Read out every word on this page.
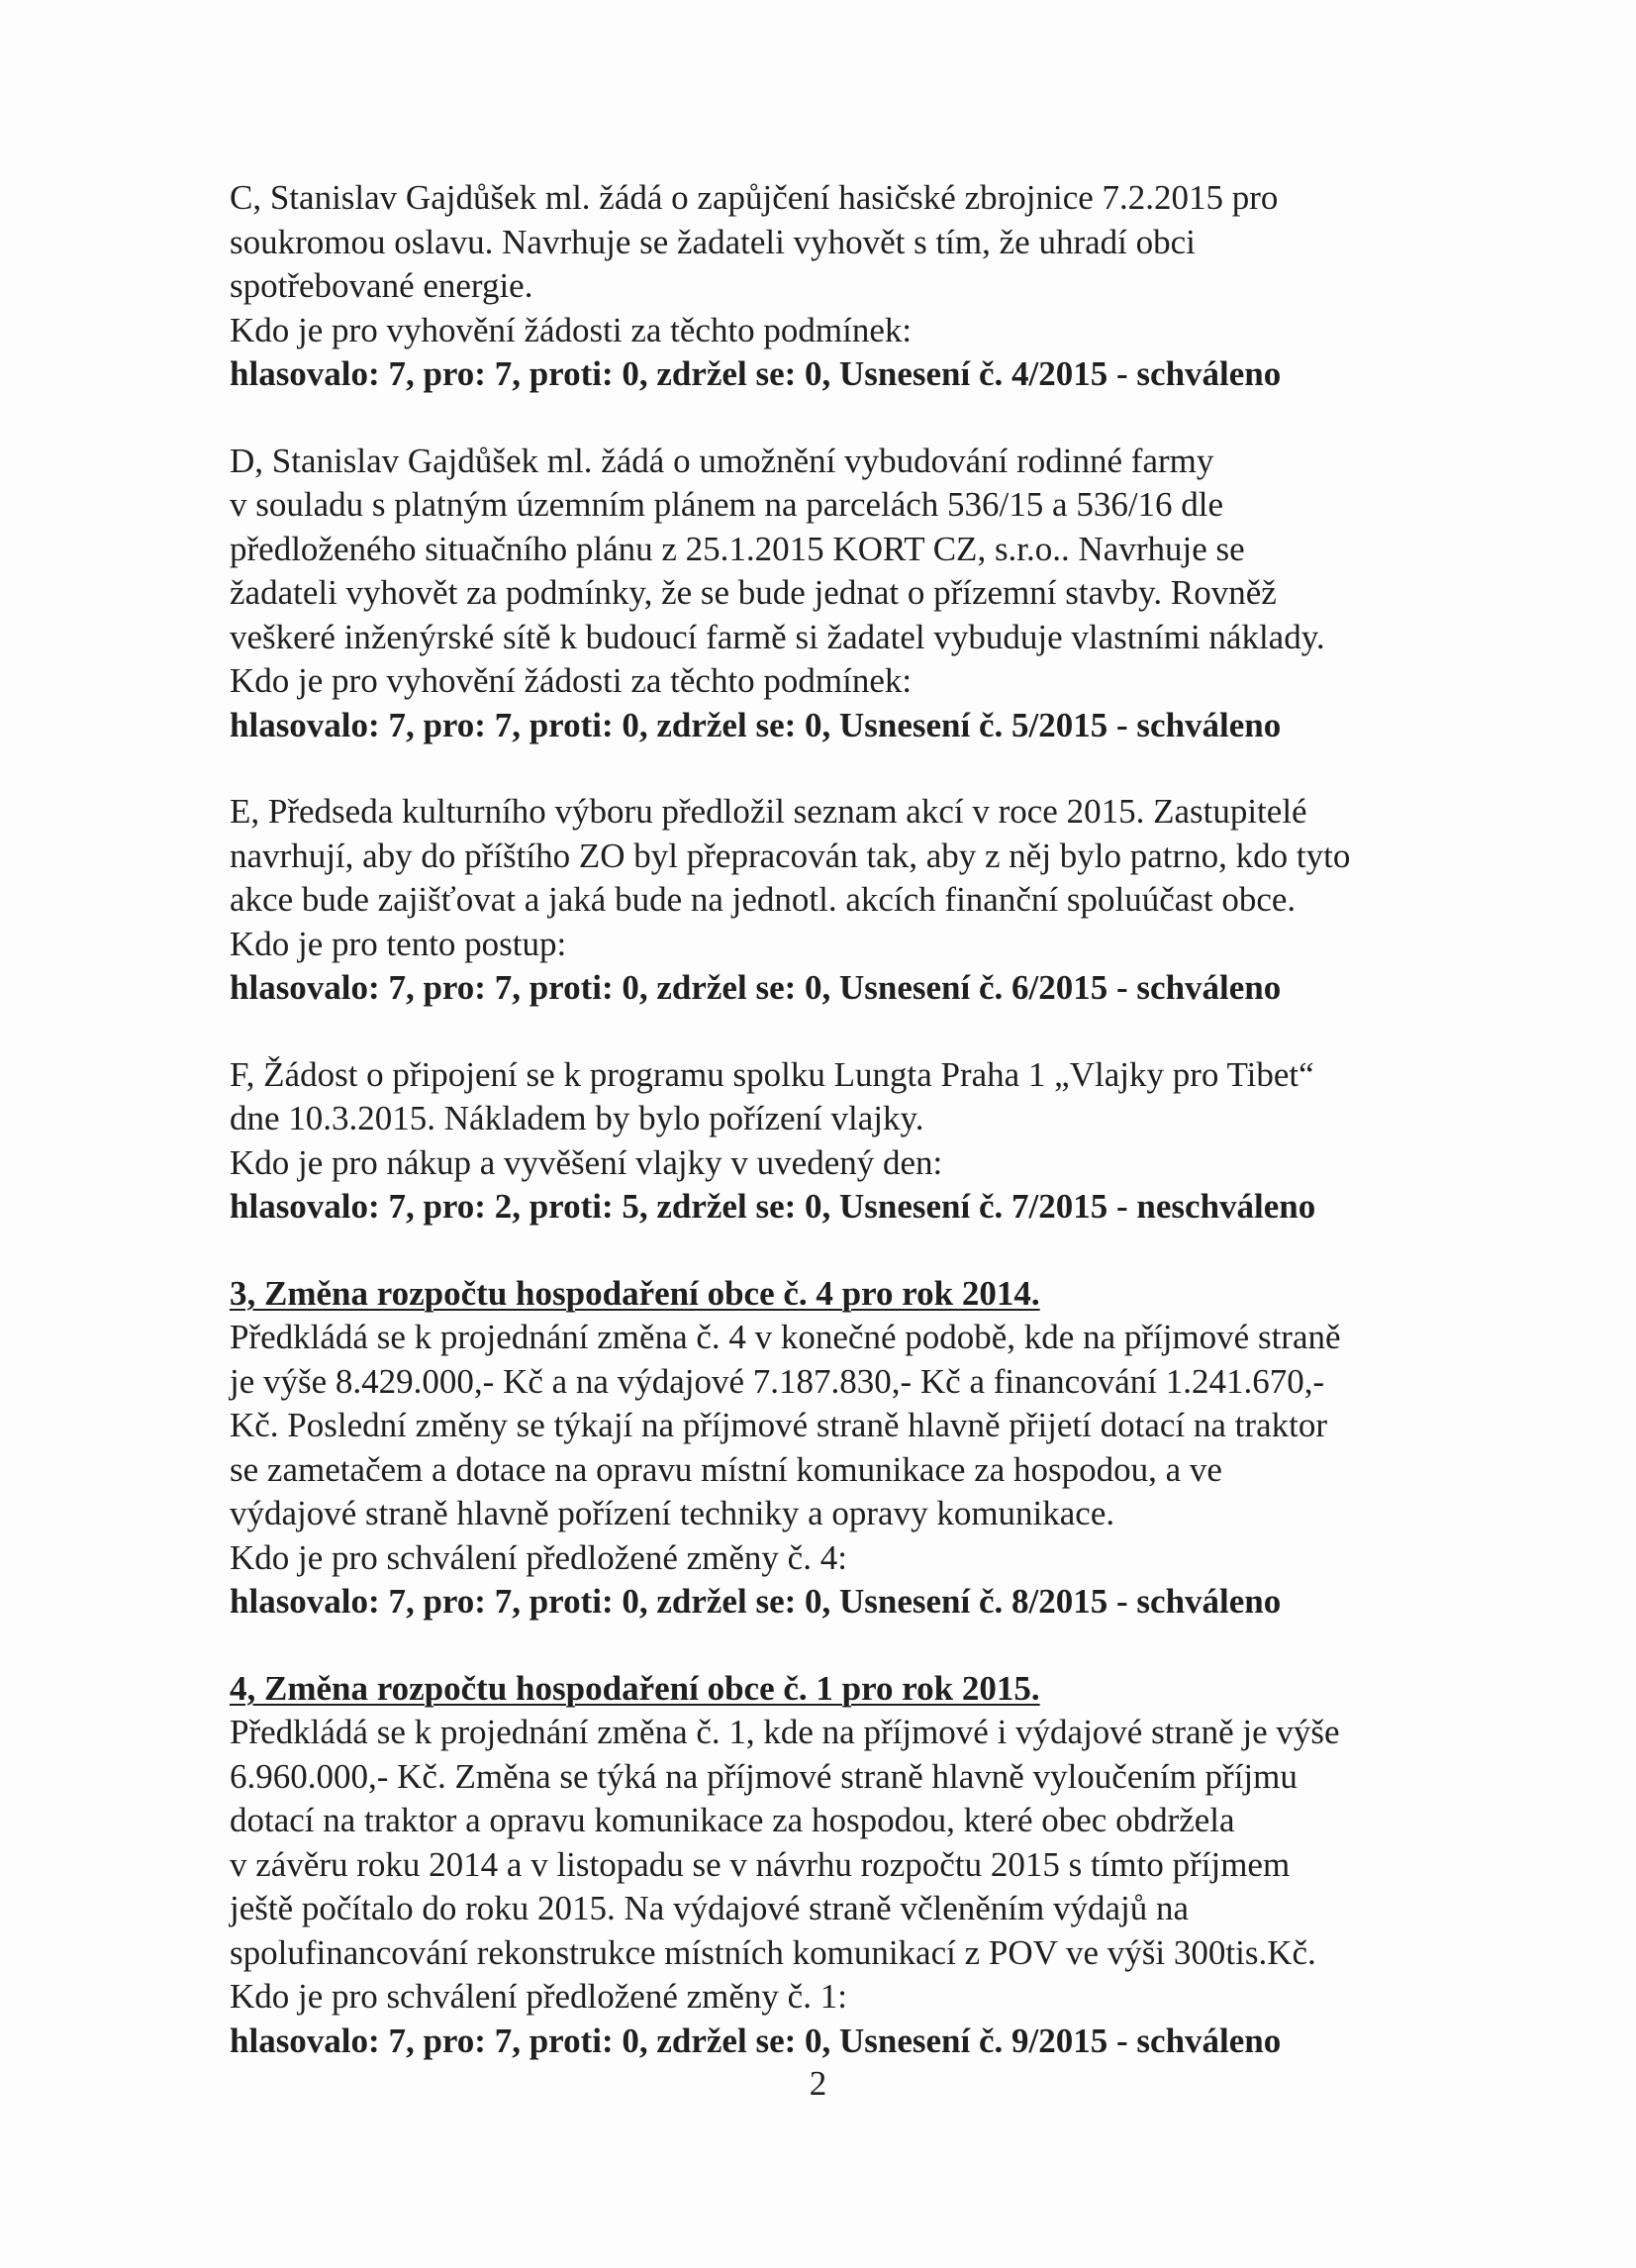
C, Stanislav Gajdůšek ml. žádá o zapůjčení hasičské zbrojnice 7.2.2015 pro
soukromou oslavu. Navrhuje se žadateli vyhovět s tím, že uhradí obci
spotřebované energie.
Kdo je pro vyhovění žádosti za těchto podmínek:
hlasovalo: 7, pro: 7, proti: 0, zdržel se: 0, Usnesení č. 4/2015 - schváleno
D, Stanislav Gajdůšek ml. žádá o umožnění vybudování rodinné farmy
v souladu s platným územním plánem na parcelách 536/15 a 536/16 dle
předloženého situačního plánu z 25.1.2015 KORT CZ, s.r.o.. Navrhuje se
žadateli vyhovět za podmínky, že se bude jednat o přízemní stavby. Rovněž
veškeré inženýrské sítě k budoucí farmě si žadatel vybuduje vlastními náklady.
Kdo je pro vyhovění žádosti za těchto podmínek:
hlasovalo: 7, pro: 7, proti: 0, zdržel se: 0, Usnesení č. 5/2015 - schváleno
E, Předseda kulturního výboru předložil seznam akcí v roce 2015. Zastupitelé
navrhují, aby do příštího ZO byl přepracován tak, aby z něj bylo patrno, kdo tyto
akce bude zajišťovat a jaká bude na jednotl. akcích finanční spoluúčast obce.
Kdo je pro tento postup:
hlasovalo: 7, pro: 7, proti: 0, zdržel se: 0, Usnesení č. 6/2015 - schváleno
F, Žádost o připojení se k programu spolku Lungta Praha 1 „Vlajky pro Tibet“
dne 10.3.2015. Nákladem by bylo pořízení vlajky.
Kdo je pro nákup a vyvěšení vlajky v uvedený den:
hlasovalo: 7, pro: 2, proti: 5, zdržel se: 0, Usnesení č. 7/2015 - neschváleno
3, Změna rozpočtu hospodaření obce č. 4 pro rok 2014.
Předkládá se k projednání změna č. 4 v konečné podobě, kde na příjmové straně
je výše 8.429.000,- Kč a na výdajové 7.187.830,- Kč a financování 1.241.670,-
Kč. Poslední změny se týkají na příjmové straně hlavně přijetí dotací na traktor
se zametačem a dotace na opravu místní komunikace za hospodou, a ve
výdajové straně hlavně pořízení techniky a opravy komunikace.
Kdo je pro schválení předložené změny č. 4:
hlasovalo: 7, pro: 7, proti: 0, zdržel se: 0, Usnesení č. 8/2015 - schváleno
4, Změna rozpočtu hospodaření obce č. 1 pro rok 2015.
Předkládá se k projednání změna č. 1, kde na příjmové i výdajové straně je výše
6.960.000,- Kč. Změna se týká na příjmové straně hlavně vyloučením příjmu
dotací na traktor a opravu komunikace za hospodou, které obec obdržela
v závěru roku 2014 a v listopadu se v návrhu rozpočtu 2015 s tímto příjmem
ještě počítalo do roku 2015. Na výdajové straně včleněním výdajů na
spolufinancování rekonstrukce místních komunikací z POV ve výši 300tis.Kč.
Kdo je pro schválení předložené změny č. 1:
hlasovalo: 7, pro: 7, proti: 0, zdržel se: 0, Usnesení č. 9/2015 - schváleno
2
